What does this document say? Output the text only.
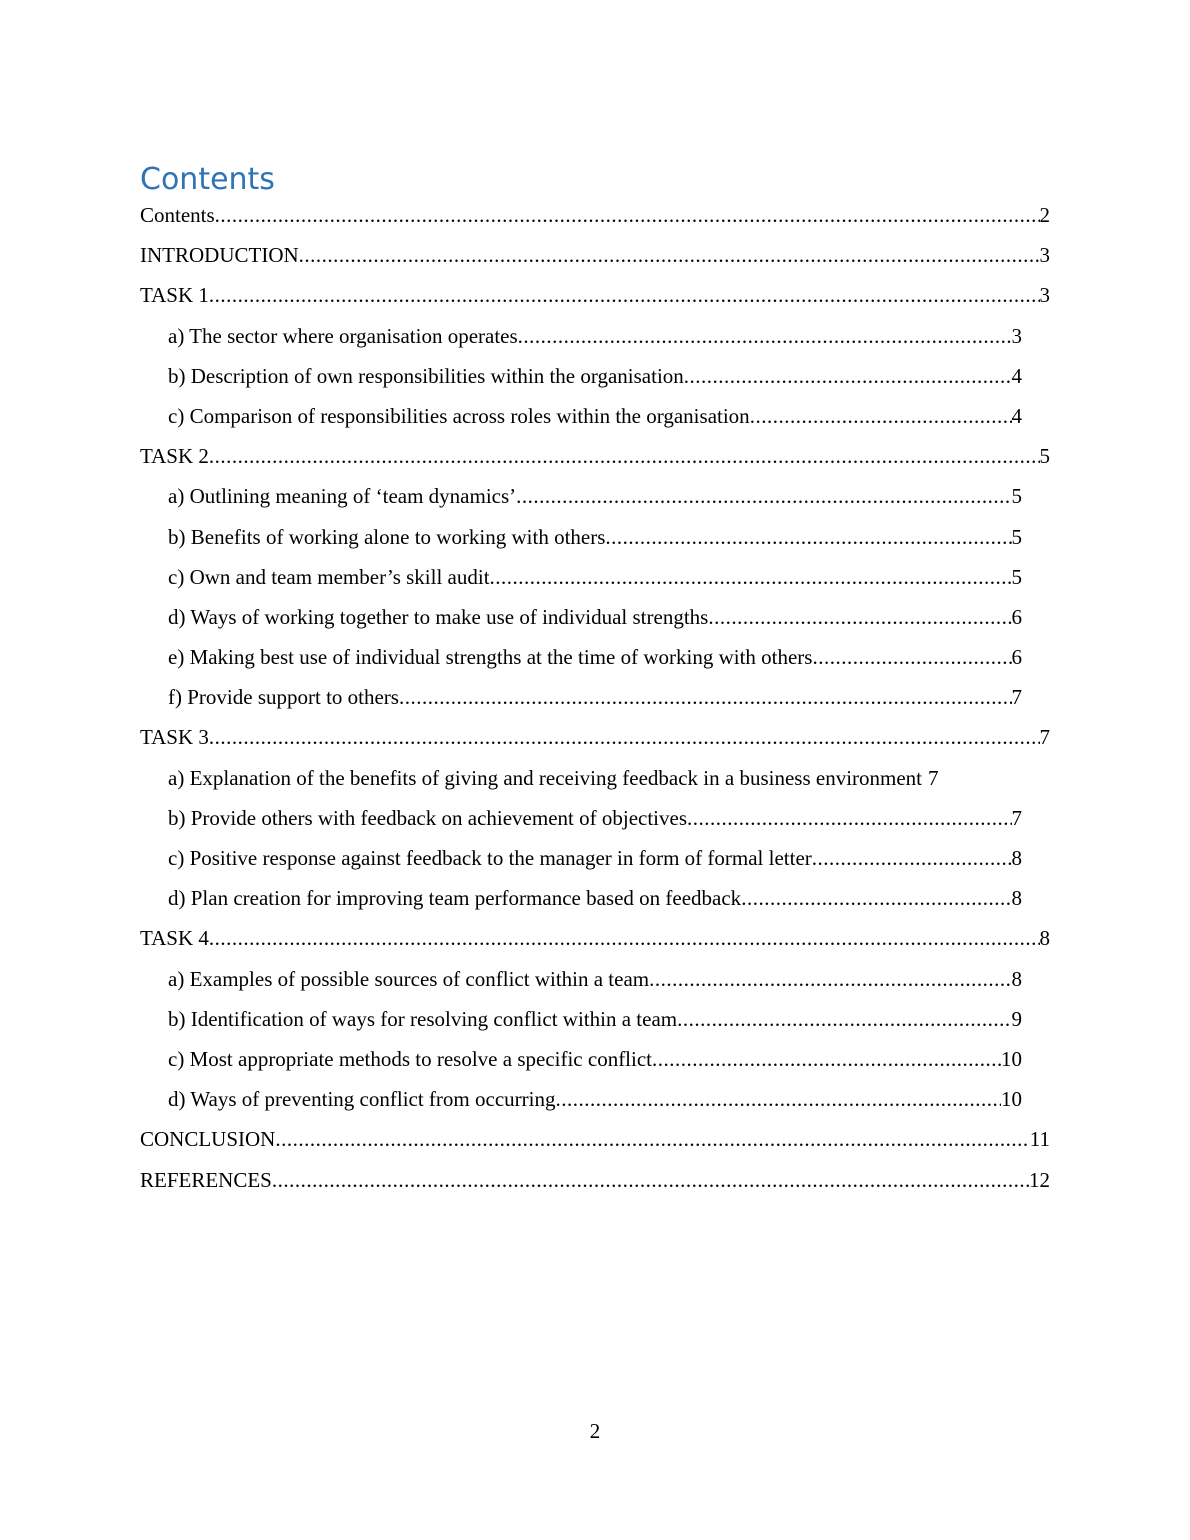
Contents
Contents .....	2
INTRODUCTION .....	3
TASK 1 .....	3
a) The sector where organisation operates .....	3
b) Description of own responsibilities within the organisation .....	4
c) Comparison of responsibilities across roles within the organisation .....	4
TASK 2 .....	5
a) Outlining meaning of ‘team dynamics’ .....	5
b) Benefits of working alone to working with others .....	5
c) Own and team member’s skill audit .....	5
d) Ways of working together to make use of individual strengths .....	6
e) Making best use of individual strengths at the time of working with others .....	6
f) Provide support to others .....	7
TASK 3 .....	7
a) Explanation of the benefits of giving and receiving feedback in a business environment 7
b) Provide others with feedback on achievement of objectives .....	7
c) Positive response against feedback to the manager in form of formal letter .....	8
d) Plan creation for improving team performance based on feedback .....	8
TASK 4 .....	8
a) Examples of possible sources of conflict within a team .....	8
b) Identification of ways for resolving conflict within a team .....	9
c) Most appropriate methods to resolve a specific conflict .....	10
d) Ways of preventing conflict from occurring .....	10
CONCLUSION .....	11
REFERENCES .....	12
2
